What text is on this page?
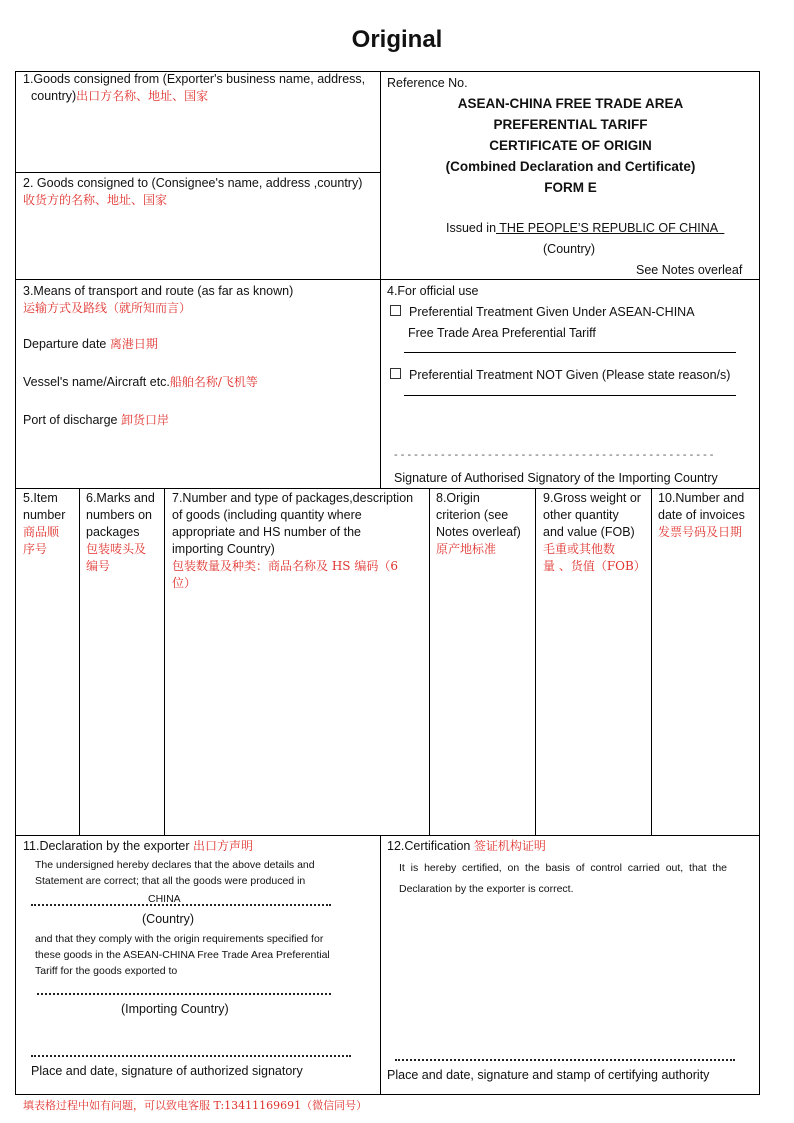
Original
1.Goods consigned from (Exporter's business name, address,
country)出口方名称、地址、国家
2. Goods consigned to (Consignee's name, address ,country)
收货方的名称、地址、国家
Reference No.
ASEAN-CHINA FREE TRADE AREA
PREFERENTIAL TARIFF
CERTIFICATE OF ORIGIN
(Combined Declaration and Certificate)
FORM E
Issued in THE PEOPLE’S REPUBLIC OF CHINA
(Country)
See Notes overleaf
3.Means of transport and route (as far as known)
运输方式及路线（就所知而言）
Departure date 离港日期
Vessel's name/Aircraft etc.船舶名称/飞机等
Port of discharge 卸货口岸
4.For official use
Preferential Treatment Given Under ASEAN-CHINA
Free Trade Area Preferential Tariff
Preferential Treatment NOT Given (Please state reason/s)
- - - - - - - - - - - - - - - - - - - - - - - - - - - - - - - - - - - - - - - - - - - - - - - -
Signature of Authorised Signatory of the Importing Country
5.Item
number
商品顺
序号
6.Marks and
numbers on
packages
包装唛头及
编号
7.Number and type of packages,description
of goods (including quantity where
appropriate and HS number of the
importing Country)
包装数量及种类：商品名称及 HS 编码（6
位）
8.Origin
criterion (see
Notes overleaf)
原产地标准
9.Gross weight or
other quantity
and value (FOB)
毛重或其他数
量 、货值（FOB）
10.Number and
date of invoices
发票号码及日期
11.Declaration by the exporter 出口方声明
The undersigned hereby declares that the above details and
Statement are correct; that all the goods were produced in
CHINA
(Country)
and that they comply with the origin requirements specified for
these goods in the ASEAN-CHINA Free Trade Area Preferential
Tariff for the goods exported to
(Importing Country)
Place and date, signature of authorized signatory
12.Certification 签证机构证明
It  is  hereby  certified,  on  the  basis  of  control  carried  out,  that  the
Declaration by the exporter is correct.
Place and date, signature and stamp of certifying authority
填表格过程中如有问题，可以致电客服 T:13411169691（微信同号）
